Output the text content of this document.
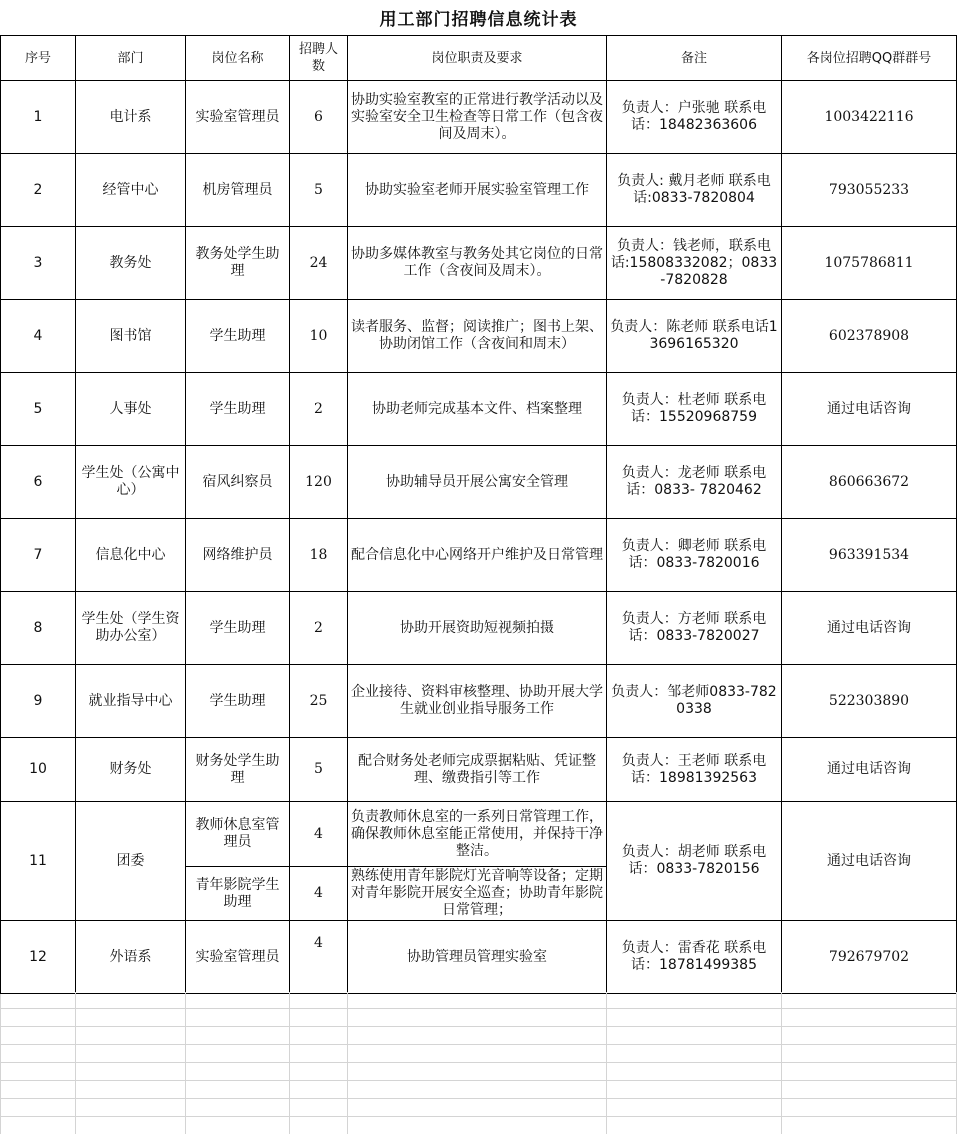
用工部门招聘信息统计表
序号	部门	岗位名称	招聘人数	岗位职责及要求	备注	各岗位招聘QQ群群号
1	电计系	实验室管理员	6	协助实验室教室的正常进行教学活动以及实验室安全卫生检查等日常工作（包含夜间及周末）。	负责人：户张驰 联系电话：18482363606	1003422116
2	经管中心	机房管理员	5	协助实验室老师开展实验室管理工作	负责人: 戴月老师 联系电话:0833-7820804	793055233
3	教务处	教务处学生助理	24	协助多媒体教室与教务处其它岗位的日常工作（含夜间及周末）。	负责人：钱老师，联系电话:15808332082；0833-7820828	1075786811
4	图书馆	学生助理	10	读者服务、监督；阅读推广；图书上架、协助闭馆工作（含夜间和周末）	负责人：陈老师 联系电话13696165320	602378908
5	人事处	学生助理	2	协助老师完成基本文件、档案整理	负责人：杜老师 联系电话：15520968759	通过电话咨询
6	学生处（公寓中心）	宿风纠察员	120	协助辅导员开展公寓安全管理	负责人：龙老师 联系电话：0833- 7820462	860663672
7	信息化中心	网络维护员	18	配合信息化中心网络开户维护及日常管理	负责人：卿老师 联系电话：0833-7820016	963391534
8	学生处（学生资助办公室）	学生助理	2	协助开展资助短视频拍摄	负责人：方老师 联系电话：0833-7820027	通过电话咨询
9	就业指导中心	学生助理	25	企业接待、资料审核整理、协助开展大学生就业创业指导服务工作	负责人：邹老师0833-7820338	522303890
10	财务处	财务处学生助理	5	配合财务处老师完成票据粘贴、凭证整理、缴费指引等工作	负责人：王老师 联系电话：18981392563	通过电话咨询
11	团委	教师休息室管理员	4	负责教师休息室的一系列日常管理工作，确保教师休息室能正常使用，并保持干净整洁。	负责人：胡老师 联系电话：0833-7820156	通过电话咨询
		青年影院学生助理	4	熟练使用青年影院灯光音响等设备；定期对青年影院开展安全巡查；协助青年影院日常管理；		
12	外语系	实验室管理员	4	协助管理员管理实验室	负责人：雷香花 联系电话：18781499385	792679702
